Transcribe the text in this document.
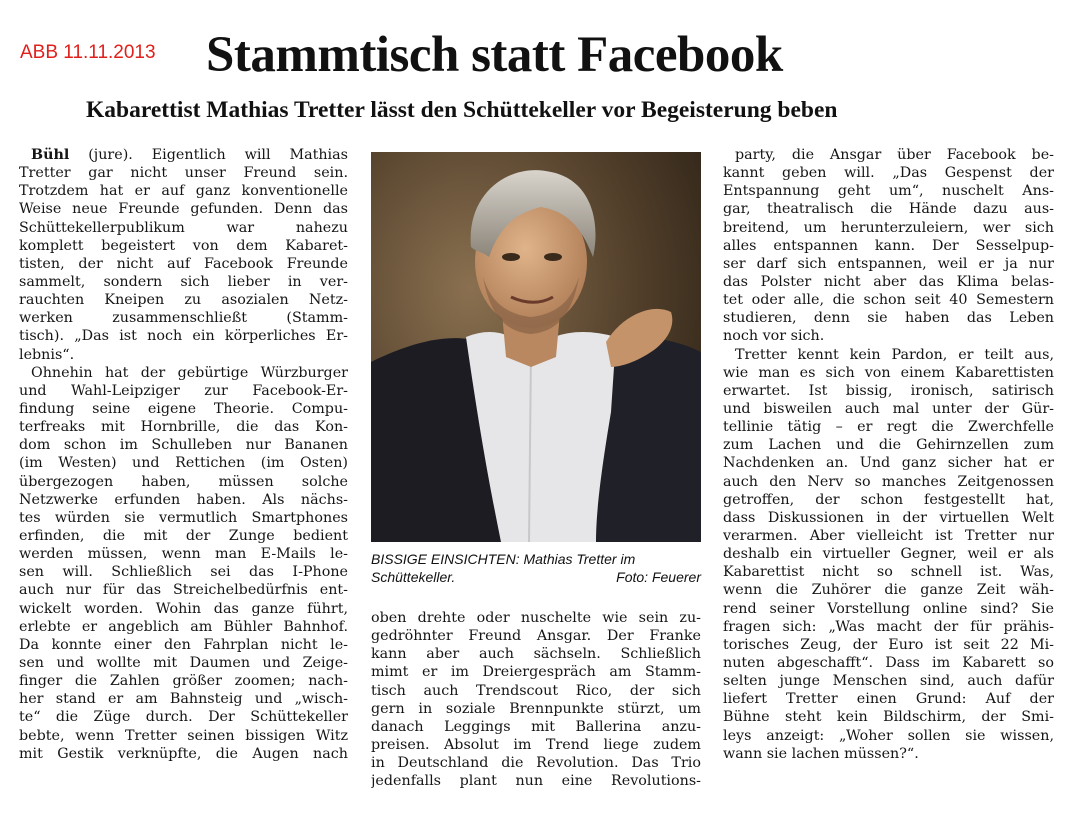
ABB 11.11.2013 Stammtisch statt Facebook
Kabarettist Mathias Tretter lässt den Schüttekeller vor Begeisterung beben
Bühl (jure). Eigentlich will Mathias
Tretter gar nicht unser Freund sein.
Trotzdem hat er auf ganz konventionelle
Weise neue Freunde gefunden. Denn das
Schüttekellerpublikum war nahezu
komplett begeistert von dem Kabaret-
tisten, der nicht auf Facebook Freunde
sammelt, sondern sich lieber in ver-
rauchten Kneipen zu asozialen Netz-
werken zusammenschließt (Stamm-
tisch). „Das ist noch ein körperliches Er-
lebnis“.
Ohnehin hat der gebürtige Würzburger
und Wahl-Leipziger zur Facebook-Er-
findung seine eigene Theorie. Compu-
terfreaks mit Hornbrille, die das Kon-
dom schon im Schulleben nur Bananen
(im Westen) und Rettichen (im Osten)
übergezogen haben, müssen solche
Netzwerke erfunden haben. Als nächs-
tes würden sie vermutlich Smartphones
erfinden, die mit der Zunge bedient
werden müssen, wenn man E-Mails le-
sen will. Schließlich sei das I-Phone
auch nur für das Streichelbedürfnis ent-
wickelt worden. Wohin das ganze führt,
erlebte er angeblich am Bühler Bahnhof.
Da konnte einer den Fahrplan nicht le-
sen und wollte mit Daumen und Zeige-
finger die Zahlen größer zoomen; nach-
her stand er am Bahnsteig und „wisch-
te“ die Züge durch. Der Schüttekeller
bebte, wenn Tretter seinen bissigen Witz
mit Gestik verknüpfte, die Augen nach
BISSIGE EINSICHTEN: Mathias Tretter im
Schüttekeller.	Foto: Feuerer
oben drehte oder nuschelte wie sein zu-
gedröhnter Freund Ansgar. Der Franke
kann aber auch sächseln. Schließlich
mimt er im Dreiergespräch am Stamm-
tisch auch Trendscout Rico, der sich
gern in soziale Brennpunkte stürzt, um
danach Leggings mit Ballerina anzu-
preisen. Absolut im Trend liege zudem
in Deutschland die Revolution. Das Trio
jedenfalls plant nun eine Revolutions-
party, die Ansgar über Facebook be-
kannt geben will. „Das Gespenst der
Entspannung geht um“, nuschelt Ans-
gar, theatralisch die Hände dazu aus-
breitend, um herunterzuleiern, wer sich
alles entspannen kann. Der Sesselpup-
ser darf sich entspannen, weil er ja nur
das Polster nicht aber das Klima belas-
tet oder alle, die schon seit 40 Semestern
studieren, denn sie haben das Leben
noch vor sich.
Tretter kennt kein Pardon, er teilt aus,
wie man es sich von einem Kabarettisten
erwartet. Ist bissig, ironisch, satirisch
und bisweilen auch mal unter der Gür-
tellinie tätig – er regt die Zwerchfelle
zum Lachen und die Gehirnzellen zum
Nachdenken an. Und ganz sicher hat er
auch den Nerv so manches Zeitgenossen
getroffen, der schon festgestellt hat,
dass Diskussionen in der virtuellen Welt
verarmen. Aber vielleicht ist Tretter nur
deshalb ein virtueller Gegner, weil er als
Kabarettist nicht so schnell ist. Was,
wenn die Zuhörer die ganze Zeit wäh-
rend seiner Vorstellung online sind? Sie
fragen sich: „Was macht der für prähis-
torisches Zeug, der Euro ist seit 22 Mi-
nuten abgeschafft“. Dass im Kabarett so
selten junge Menschen sind, auch dafür
liefert Tretter einen Grund: Auf der
Bühne steht kein Bildschirm, der Smi-
leys anzeigt: „Woher sollen sie wissen,
wann sie lachen müssen?“.
